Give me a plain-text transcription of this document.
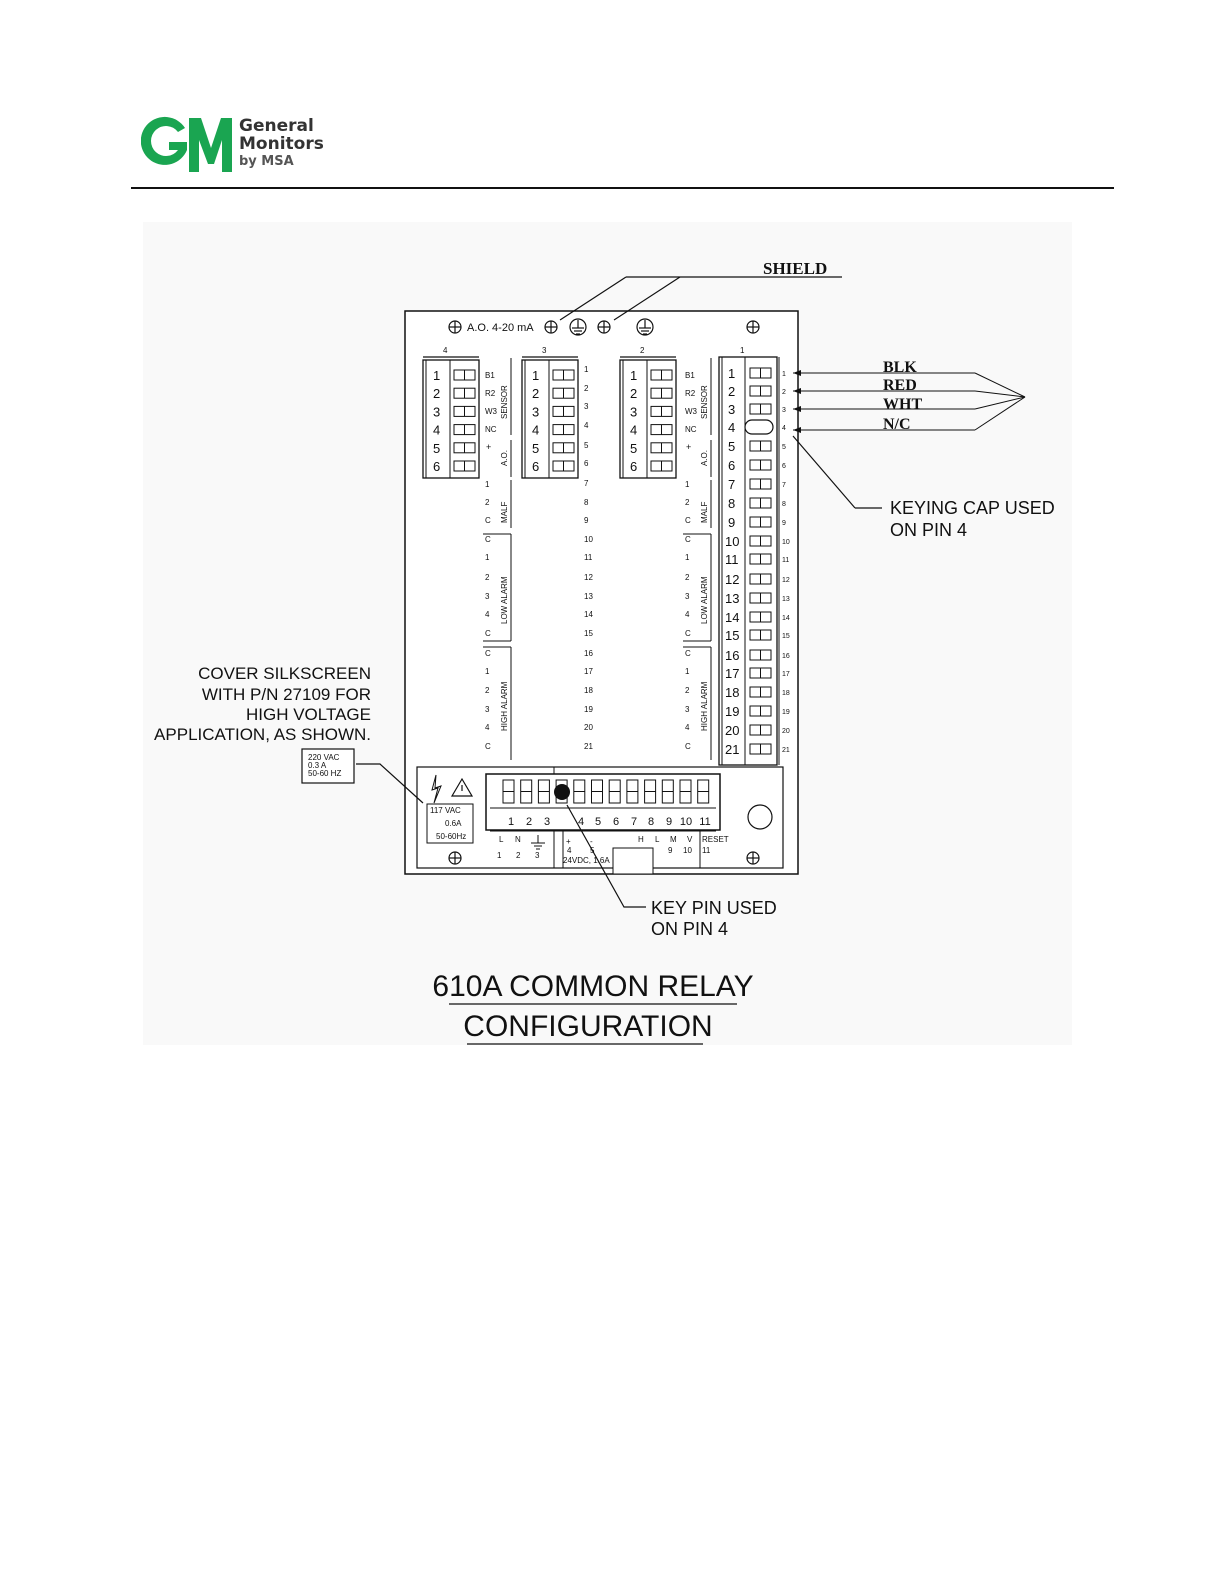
GM
General
Monitors
by MSA
A.O. 4-20 mA
SHIELD
4
1
2
3
4
5
6
3
1
2
3
4
5
6
2
1
2
3
4
5
6
B1
R2
W3
NC
SENSOR
+
A.O.
1
2
C
C
1
2
3
4
C
C
1
2
3
4
C
MALF
LOW ALARM
HIGH ALARM
B1
R2
W3
NC
SENSOR
+
A.O.
1
2
C
C
1
2
3
4
C
C
1
2
3
4
C
MALF
LOW ALARM
HIGH ALARM
1
2
3
4
5
6
7
8
9
10
11
12
13
14
15
16
17
18
19
20
21
1
1	1
2	2
3	3
4	4
5	5
6	6
7	7
8	8
9	9
10	10
11	11
12	12
13	13
14	14
15	15
16	16
17	17
18	18
19	19
20	20
21	21
BLK
RED
WHT
N/C
KEYING CAP USED
ON PIN 4
COVER SILKSCREEN
WITH P/N 27109 FOR
HIGH VOLTAGE
APPLICATION, AS SHOWN.
220 VAC
0.3 A
50-60 HZ
117 VAC
0.6A
50-60Hz
1 2 3	4 5 6 7 8 9 10 11
L N
1 2 3
+ -
4 5
24VDC, 1.6A
H L M V
9 10
RESET
11
KEY PIN USED
ON PIN 4
610A COMMON RELAY
CONFIGURATION
